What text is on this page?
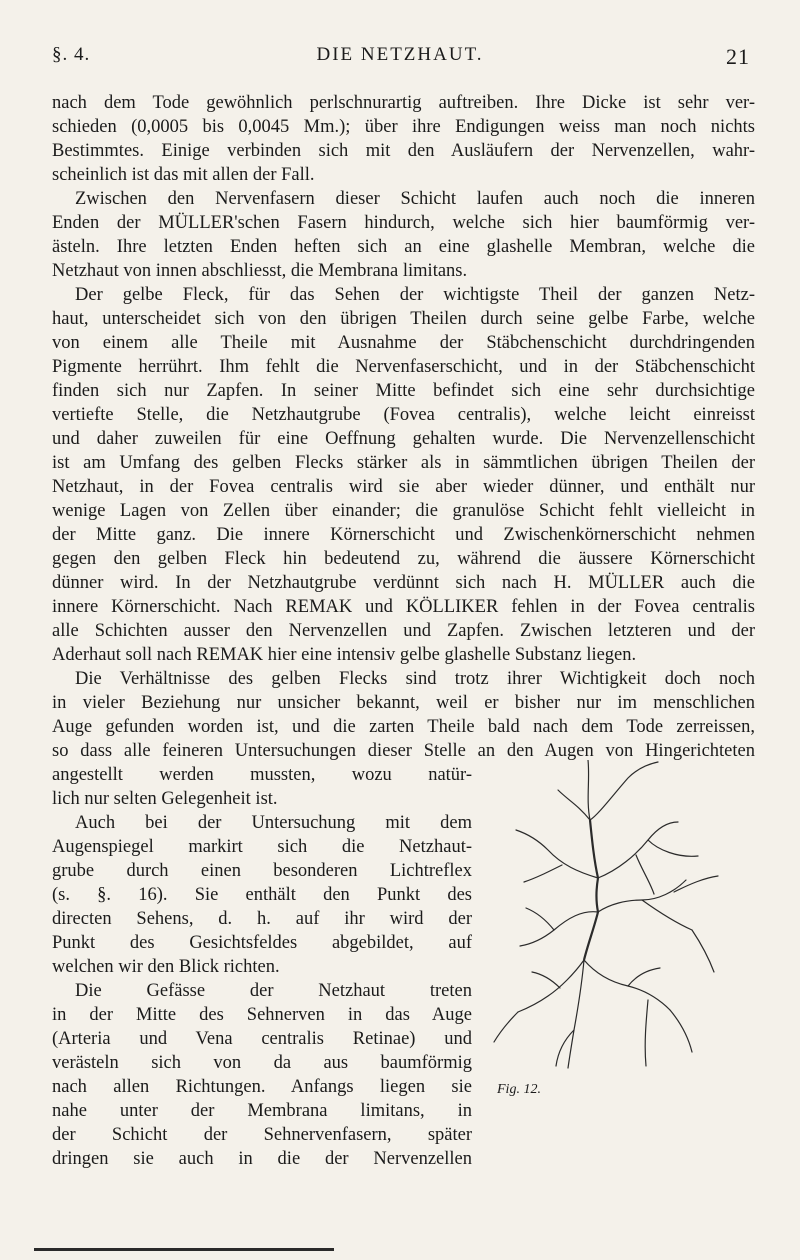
§. 4.	DIE NETZHAUT.	21
nach dem Tode gewöhnlich perlschnurartig auftreiben. Ihre Dicke ist sehr ver-
schieden (0,0005 bis 0,0045 Mm.); über ihre Endigungen weiss man noch nichts
Bestimmtes. Einige verbinden sich mit den Ausläufern der Nervenzellen, wahr-
scheinlich ist das mit allen der Fall.
Zwischen den Nervenfasern dieser Schicht laufen auch noch die inneren
Enden der MÜLLER'schen Fasern hindurch, welche sich hier baumförmig ver-
ästeln. Ihre letzten Enden heften sich an eine glashelle Membran, welche die
Netzhaut von innen abschliesst, die Membrana limitans.
Der gelbe Fleck, für das Sehen der wichtigste Theil der ganzen Netz-
haut, unterscheidet sich von den übrigen Theilen durch seine gelbe Farbe, welche
von einem alle Theile mit Ausnahme der Stäbchenschicht durchdringenden
Pigmente herrührt. Ihm fehlt die Nervenfaserschicht, und in der Stäbchenschicht
finden sich nur Zapfen. In seiner Mitte befindet sich eine sehr durchsichtige
vertiefte Stelle, die Netzhautgrube (Fovea centralis), welche leicht einreisst
und daher zuweilen für eine Oeffnung gehalten wurde. Die Nervenzellenschicht
ist am Umfang des gelben Flecks stärker als in sämmtlichen übrigen Theilen der
Netzhaut, in der Fovea centralis wird sie aber wieder dünner, und enthält nur
wenige Lagen von Zellen über einander; die granulöse Schicht fehlt vielleicht in
der Mitte ganz. Die innere Körnerschicht und Zwischenkörnerschicht nehmen
gegen den gelben Fleck hin bedeutend zu, während die äussere Körnerschicht
dünner wird. In der Netzhautgrube verdünnt sich nach H. MÜLLER auch die
innere Körnerschicht. Nach REMAK und KÖLLIKER fehlen in der Fovea centralis
alle Schichten ausser den Nervenzellen und Zapfen. Zwischen letzteren und der
Aderhaut soll nach REMAK hier eine intensiv gelbe glashelle Substanz liegen.
Die Verhältnisse des gelben Flecks sind trotz ihrer Wichtigkeit doch noch
in vieler Beziehung nur unsicher bekannt, weil er bisher nur im menschlichen
Auge gefunden worden ist, und die zarten Theile bald nach dem Tode zerreissen,
so dass alle feineren Untersuchungen dieser Stelle an den Augen von Hingerichteten
angestellt werden mussten, wozu natür-
lich nur selten Gelegenheit ist.
Auch bei der Untersuchung mit dem
Augenspiegel markirt sich die Netzhaut-
grube durch einen besonderen Lichtreflex
(s. §. 16). Sie enthält den Punkt des
directen Sehens, d. h. auf ihr wird der
Punkt des Gesichtsfeldes abgebildet, auf
welchen wir den Blick richten.
Die Gefässe der Netzhaut treten
in der Mitte des Sehnerven in das Auge
(Arteria und Vena centralis Retinae) und
verästeln sich von da aus baumförmig
nach allen Richtungen. Anfangs liegen sie
nahe unter der Membrana limitans, in
der Schicht der Sehnervenfasern, später
dringen sie auch in die der Nervenzellen
Fig. 12.
